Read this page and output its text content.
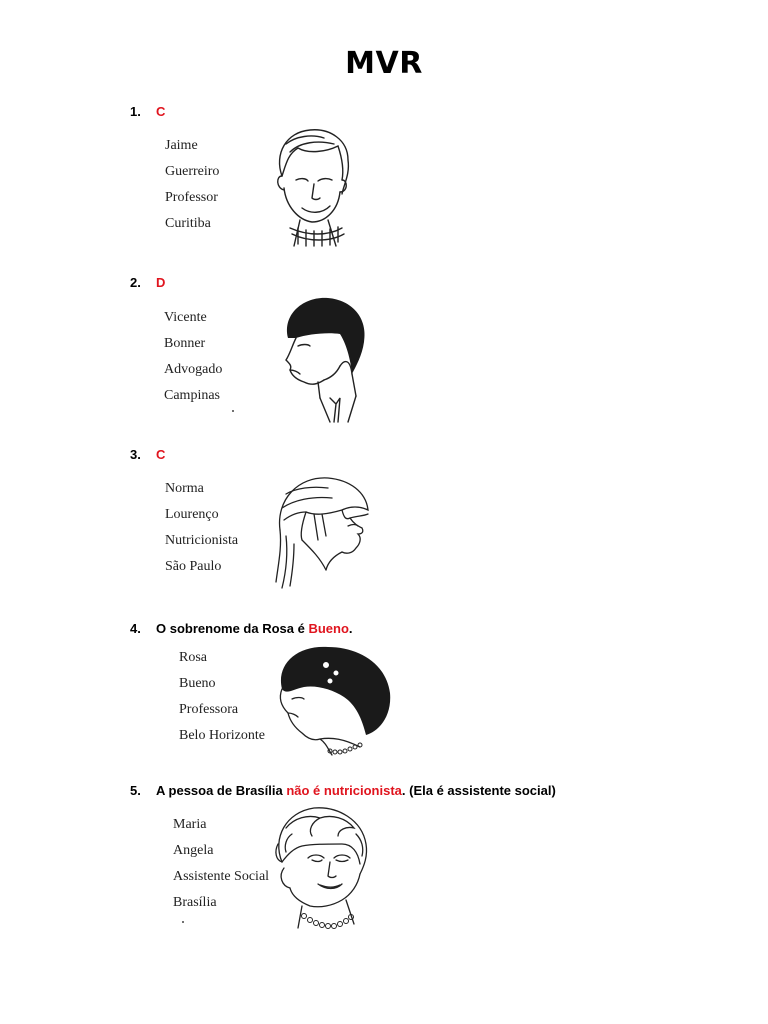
MVR
1. C
Jaime
Guerreiro
Professor
Curitiba
2. D
Vicente
Bonner
Advogado
Campinas
3. C
Norma
Lourenço
Nutricionista
São Paulo
4. O sobrenome da Rosa é Bueno.
Rosa
Bueno
Professora
Belo Horizonte
5. A pessoa de Brasília não é nutricionista. (Ela é assistente social)
Maria
Angela
Assistente Social
Brasília
